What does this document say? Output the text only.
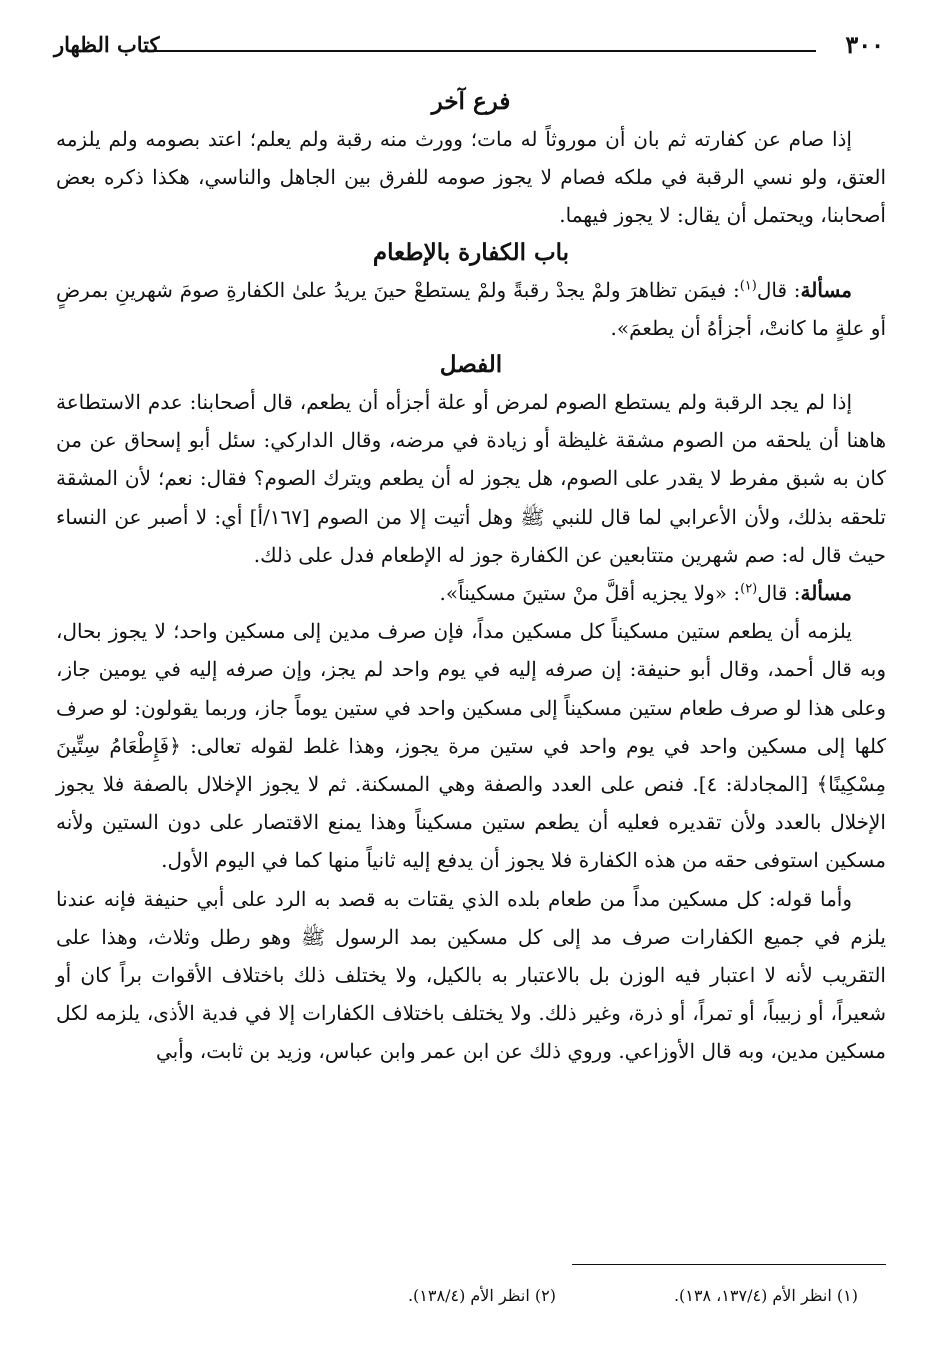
٣٠٠
كتاب الظهار
فرع آخر

إذا صام عن كفارته ثم بان أن موروثاً له مات؛ وورث منه رقبة ولم يعلم؛ اعتد بصومه ولم يلزمه العتق، ولو نسي الرقبة في ملكه فصام لا يجوز صومه للفرق بين الجاهل والناسي، هكذا ذكره بعض أصحابنا، ويحتمل أن يقال: لا يجوز فيهما.

باب الكفارة بالإطعام

مسألة: قال$^{(١)}$: فيمَن تظاهرَ ولمْ يجدْ رقبةً ولمْ يستطعْ حينَ يريدُ علىٰ الكفارةِ صومَ شهرينِ بمرضٍ أو علةٍ ما كانتْ، أجزأهُ أن يطعمَ».

الفصل

إذا لم يجد الرقبة ولم يستطع الصوم لمرض أو علة أجزأه أن يطعم، قال أصحابنا: عدم الاستطاعة هاهنا أن يلحقه من الصوم مشقة غليظة أو زيادة في مرضه، وقال الداركي: سئل أبو إسحاق عن من كان به شبق مفرط لا يقدر على الصوم، هل يجوز له أن يطعم ويترك الصوم؟ فقال: نعم؛ لأن المشقة تلحقه بذلك، ولأن الأعرابي لما قال للنبي ﷺ وهل أتيت إلا من الصوم [١٦٧/أ] أي: لا أصبر عن النساء حيث قال له: صم شهرين متتابعين عن الكفارة جوز له الإطعام فدل على ذلك.

مسألة: قال$^{(٢)}$: «ولا يجزيه أقلَّ منْ ستينَ مسكيناً».

يلزمه أن يطعم ستين مسكيناً كل مسكين مداً، فإن صرف مدين إلى مسكين واحد؛ لا يجوز بحال، وبه قال أحمد، وقال أبو حنيفة: إن صرفه إليه في يوم واحد لم يجز، وإن صرفه إليه في يومين جاز، وعلى هذا لو صرف طعام ستين مسكيناً إلى مسكين واحد في ستين يوماً جاز، وربما يقولون: لو صرف كلها إلى مسكين واحد في يوم واحد في ستين مرة يجوز، وهذا غلط لقوله تعالى: ﴿فَإِطْعَامُ سِتِّينَ مِسْكِينًا﴾ [المجادلة: ٤]. فنص على العدد والصفة وهي المسكنة. ثم لا يجوز الإخلال بالصفة فلا يجوز الإخلال بالعدد ولأن تقديره فعليه أن يطعم ستين مسكيناً وهذا يمنع الاقتصار على دون الستين ولأنه مسكين استوفى حقه من هذه الكفارة فلا يجوز أن يدفع إليه ثانياً منها كما في اليوم الأول.

وأما قوله: كل مسكين مداً من طعام بلده الذي يقتات به قصد به الرد على أبي حنيفة فإنه عندنا يلزم في جميع الكفارات صرف مد إلى كل مسكين بمد الرسول ﷺ وهو رطل وثلاث، وهذا على التقريب لأنه لا اعتبار فيه الوزن بل بالاعتبار به بالكيل، ولا يختلف ذلك باختلاف الأقوات براً كان أو شعيراً، أو زبيباً، أو تمراً، أو ذرة، وغير ذلك. ولا يختلف باختلاف الكفارات إلا في فدية الأذى، يلزمه لكل مسكين مدين، وبه قال الأوزاعي. وروي ذلك عن ابن عمر وابن عباس، وزيد بن ثابت، وأبي

(١) انظر الأم (١٣٧/٤، ١٣٨).
(٢) انظر الأم (١٣٨/٤).
